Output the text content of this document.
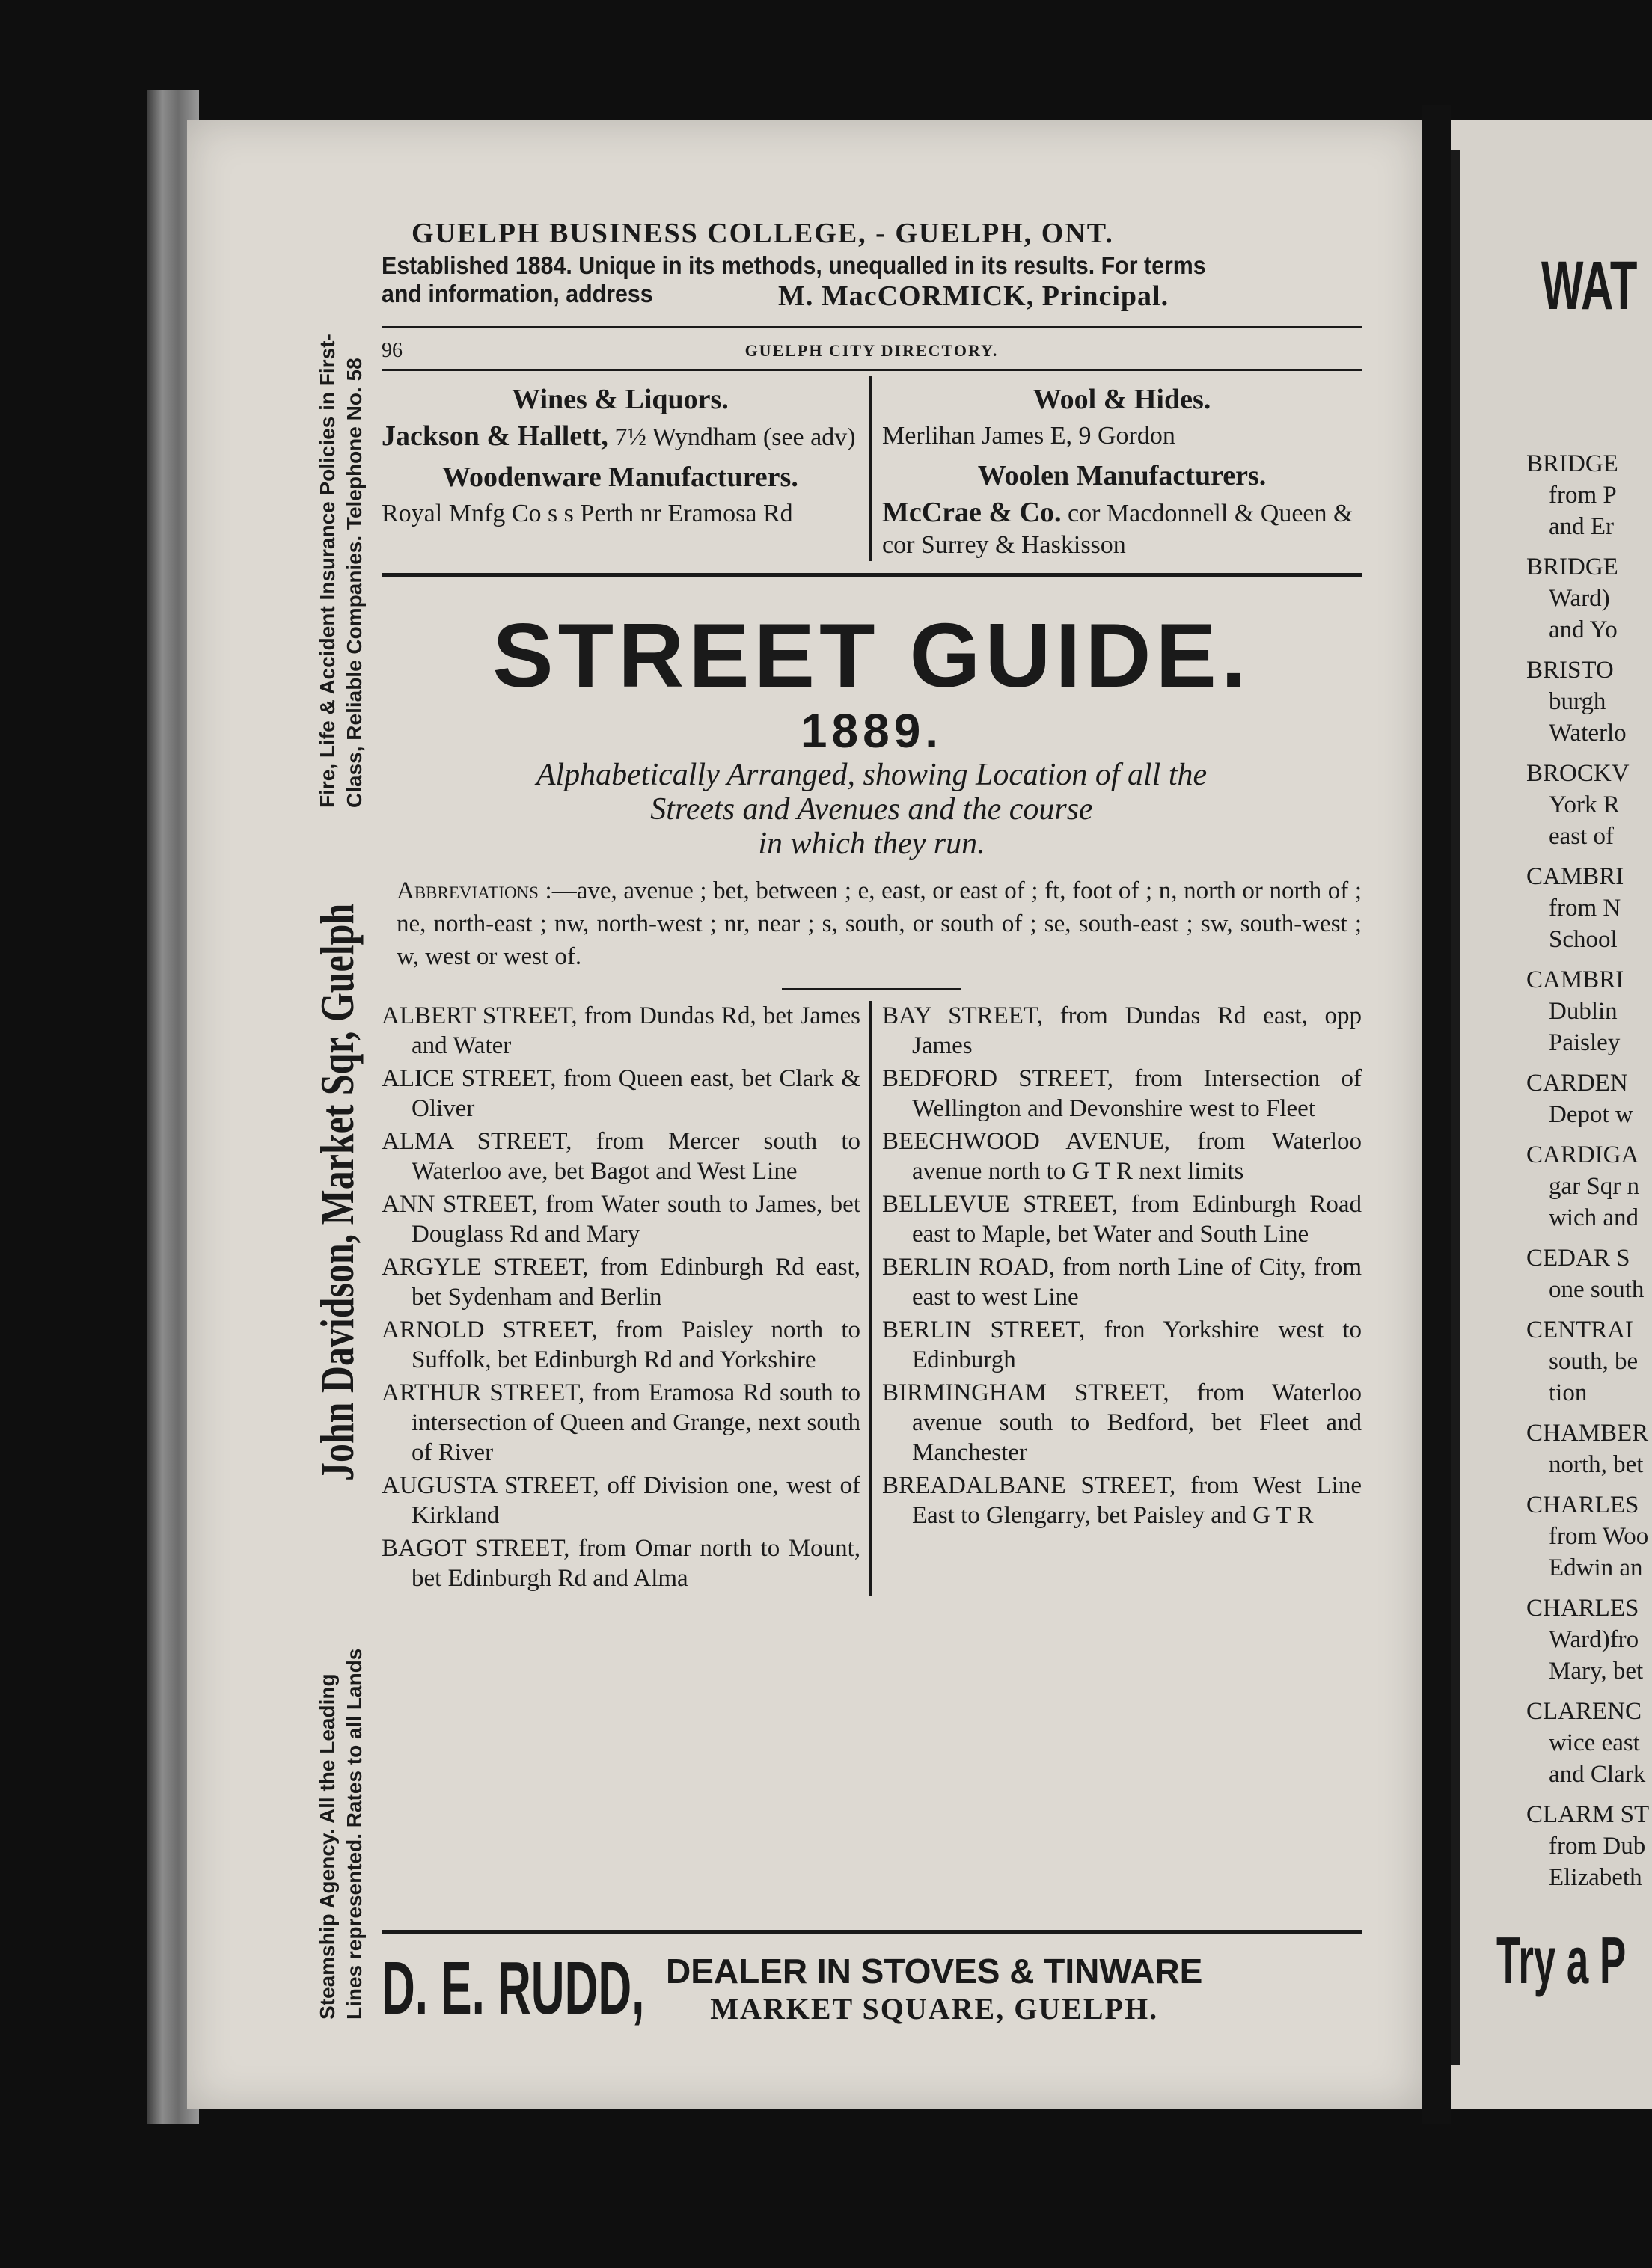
WAT
BRIDGE
from P
and Er
BRIDGE
Ward)
and Yo
BRISTO
burgh
Waterlo
BROCKV
York R
east of
CAMBRI
from N
School
CAMBRI
Dublin
Paisley
CARDEN
Depot w
CARDIGA
gar Sqr n
wich and
CEDAR S
one south
CENTRAI
south, be
tion
CHAMBER
north, bet
CHARLES
from Woo
Edwin an
CHARLES
Ward)fro
Mary, bet
CLARENC
wice east
and Clark
CLARM ST
from Dub
Elizabeth
Try a P
Steamship Agency. All the Leading Lines represented. Rates to all Lands
John Davidson, Market Sqr, Guelph
Fire, Life & Accident Insurance Policies in First- Class, Reliable Companies. Telephone No. 58
GUELPH BUSINESS COLLEGE, - GUELPH, ONT.
Established 1884. Unique in its methods, unequalled in its results. For terms
and information, address	M. MacCORMICK, Principal.
96	GUELPH CITY DIRECTORY.
Wines & Liquors.
Jackson & Hallett, 7½ Wyndham (see adv)
Woodenware Manufacturers.
Royal Mnfg Co s s Perth nr Eramosa Rd
Wool & Hides.
Merlihan James E, 9 Gordon
Woolen Manufacturers.
McCrae & Co. cor Macdonnell & Queen & cor Surrey & Haskisson
STREET GUIDE.
1889.
Alphabetically Arranged, showing Location of all the
Streets and Avenues and the course
in which they run.
Abbreviations :—ave, avenue ; bet, between ; e, east, or east of ; ft, foot of ; n, north or north of ; ne, north-east ; nw, north-west ; nr, near ; s, south, or south of ; se, south-east ; sw, south-west ; w, west or west of.
ALBERT STREET, from Dundas Rd, bet James and Water
ALICE STREET, from Queen east, bet Clark & Oliver
ALMA STREET, from Mercer south to Waterloo ave, bet Bagot and West Line
ANN STREET, from Water south to James, bet Douglass Rd and Mary
ARGYLE STREET, from Edinburgh Rd east, bet Sydenham and Berlin
ARNOLD STREET, from Paisley north to Suffolk, bet Edinburgh Rd and Yorkshire
ARTHUR STREET, from Eramosa Rd south to intersection of Queen and Grange, next south of River
AUGUSTA STREET, off Division one, west of Kirkland
BAGOT STREET, from Omar north to Mount, bet Edinburgh Rd and Alma
BAY STREET, from Dundas Rd east, opp James
BEDFORD STREET, from Intersection of Wellington and Devonshire west to Fleet
BEECHWOOD AVENUE, from Waterloo avenue north to G T R next limits
BELLEVUE STREET, from Edinburgh Road east to Maple, bet Water and South Line
BERLIN ROAD, from north Line of City, from east to west Line
BERLIN STREET, fron Yorkshire west to Edinburgh
BIRMINGHAM STREET, from Waterloo avenue south to Bedford, bet Fleet and Manchester
BREADALBANE STREET, from West Line East to Glengarry, bet Paisley and G T R
D. E. RUDD, DEALER IN STOVES & TINWARE
MARKET SQUARE, GUELPH.
